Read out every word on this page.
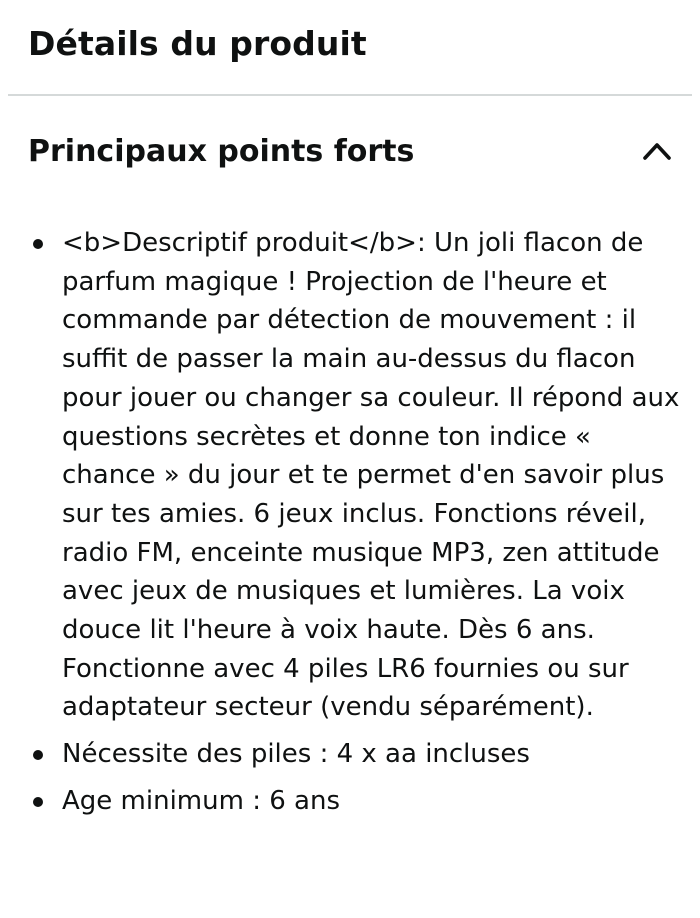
Détails du produit
Principaux points forts
<b>Descriptif produit</b>: Un joli flacon de parfum magique ! Projection de l'heure et commande par détection de mouvement : il suffit de passer la main au-dessus du flacon pour jouer ou changer sa couleur. Il répond aux questions secrètes et donne ton indice « chance » du jour et te permet d'en savoir plus sur tes amies. 6 jeux inclus. Fonctions réveil, radio FM, enceinte musique MP3, zen attitude avec jeux de musiques et lumières. La voix douce lit l'heure à voix haute. Dès 6 ans. Fonctionne avec 4 piles LR6 fournies ou sur adaptateur secteur (vendu séparément).
Nécessite des piles : 4 x aa incluses
Age minimum : 6 ans
